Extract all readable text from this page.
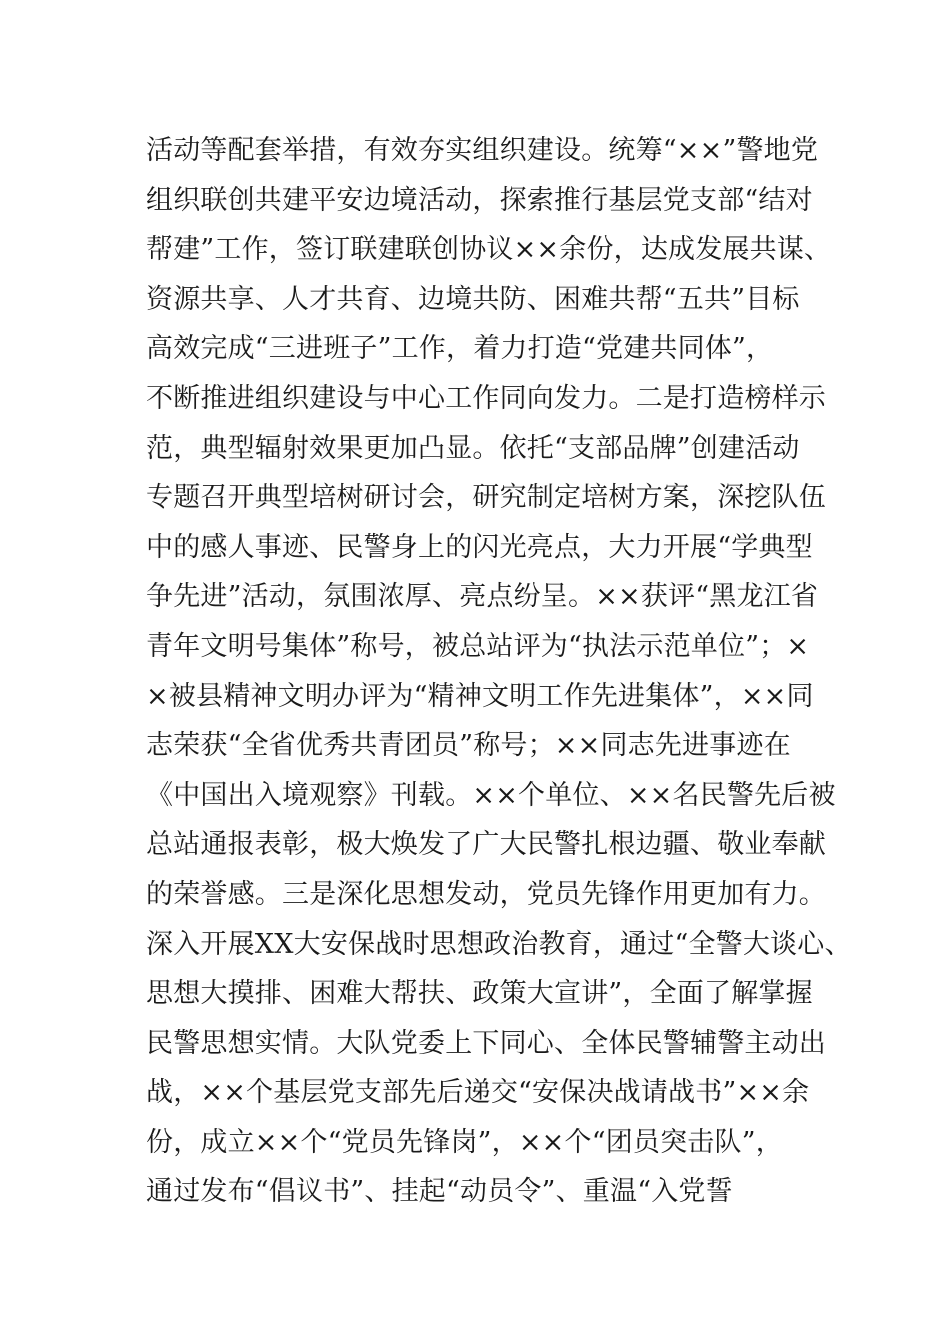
活动等配套举措，有效夯实组织建设。统筹“××”警地党
组织联创共建平安边境活动，探索推行基层党支部“结对
帮建”工作，签订联建联创协议××余份，达成发展共谋、
资源共享、人才共育、边境共防、困难共帮“五共”目标
高效完成“三进班子”工作，着力打造“党建共同体”，
不断推进组织建设与中心工作同向发力。二是打造榜样示
范，典型辐射效果更加凸显。依托“支部品牌”创建活动
专题召开典型培树研讨会，研究制定培树方案，深挖队伍
中的感人事迹、民警身上的闪光亮点，大力开展“学典型
争先进”活动，氛围浓厚、亮点纷呈。××获评“黑龙江省
青年文明号集体”称号，被总站评为“执法示范单位”；×
×被县精神文明办评为“精神文明工作先进集体”，××同
志荣获“全省优秀共青团员”称号；××同志先进事迹在
《中国出入境观察》刊载。××个单位、××名民警先后被
总站通报表彰，极大焕发了广大民警扎根边疆、敬业奉献
的荣誉感。三是深化思想发动，党员先锋作用更加有力。
深入开展XX大安保战时思想政治教育，通过“全警大谈心、
思想大摸排、困难大帮扶、政策大宣讲”，全面了解掌握
民警思想实情。大队党委上下同心、全体民警辅警主动出
战，××个基层党支部先后递交“安保决战请战书”××余
份，成立××个“党员先锋岗”，××个“团员突击队”，
通过发布“倡议书”、挂起“动员令”、重温“入党誓
